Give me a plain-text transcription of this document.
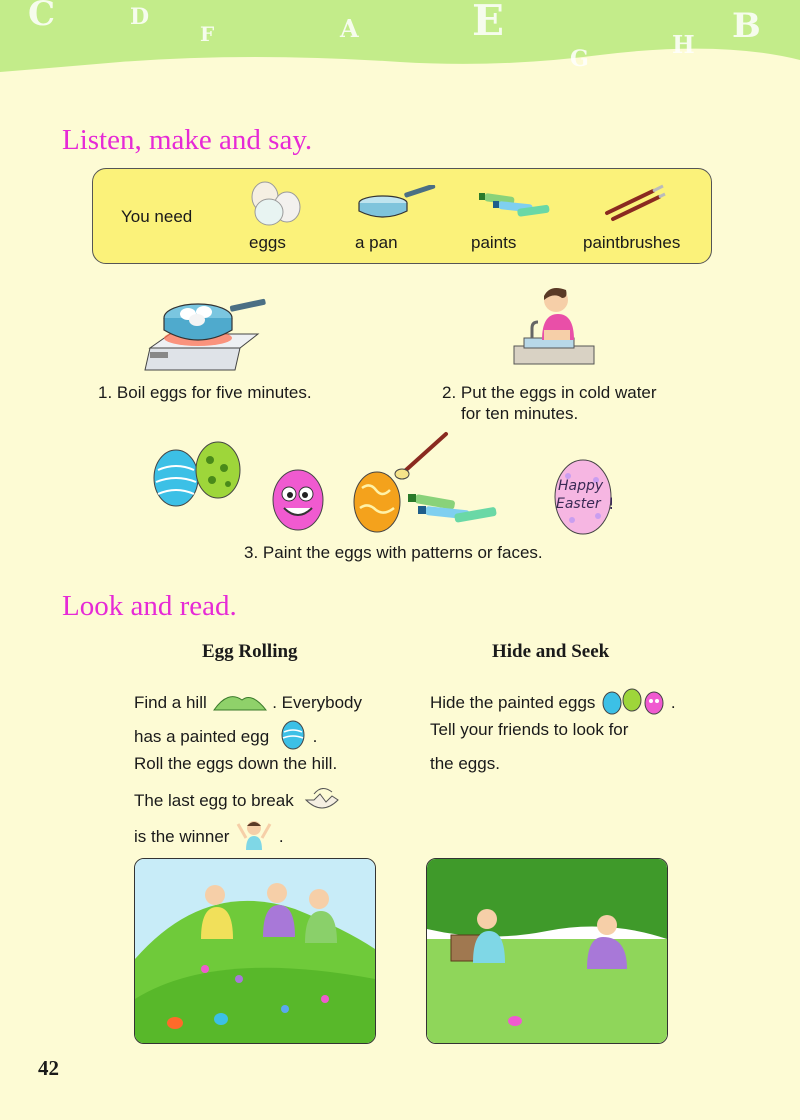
C	D
F	A	E
G	H B
Listen, make and say.
You need
eggs	a pan	paints	paintbrushes
1. Boil eggs for five minutes.	2. Put the eggs in cold water
for ten minutes.
Happy
Easter !
3. Paint the eggs with patterns or faces.
Look and read.
Egg Rolling
Find a hill	. Everybody
has a painted egg	.
Roll the eggs down the hill.
The last egg to break
is the winner	.
Hide and Seek
Hide the painted eggs	.
Tell your friends to look for
the eggs.
42
